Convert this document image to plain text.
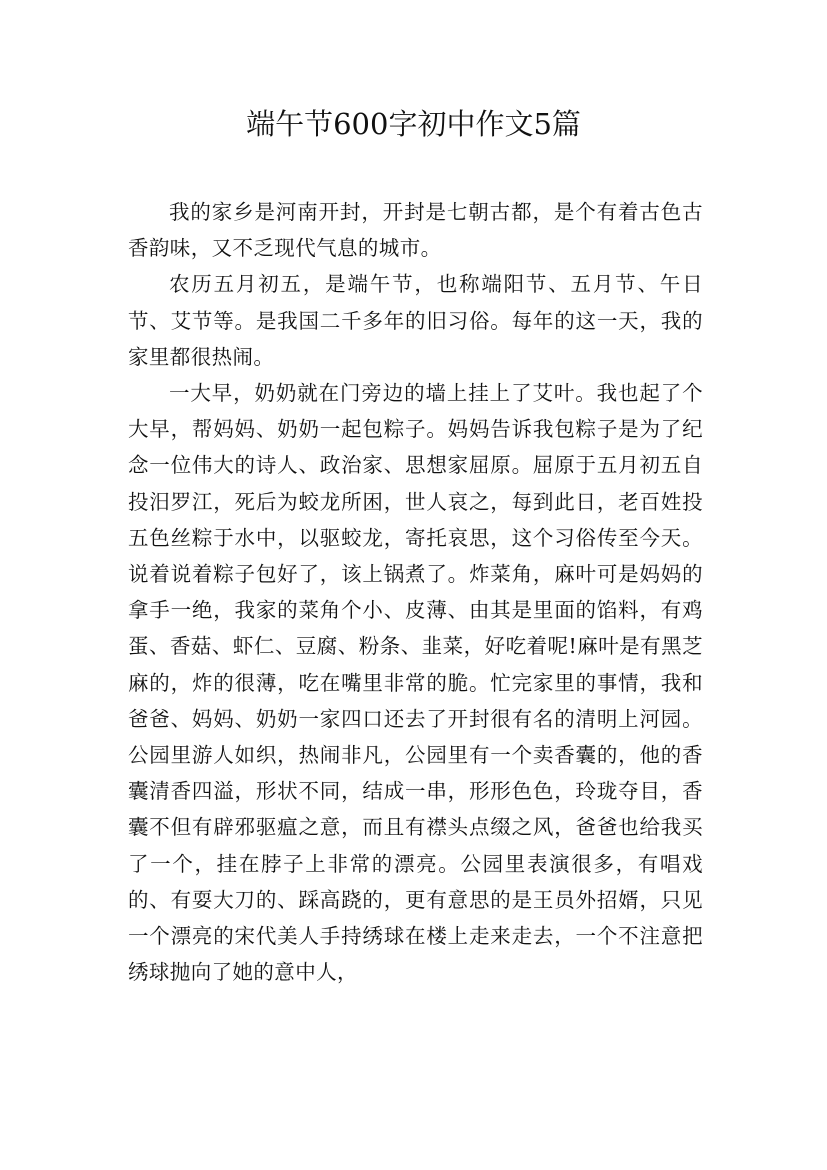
端午节600字初中作文5篇

我的家乡是河南开封，开封是七朝古都，是个有着古色古香韵味，又不乏现代气息的城市。

农历五月初五，是端午节，也称端阳节、五月节、午日节、艾节等。是我国二千多年的旧习俗。每年的这一天，我的家里都很热闹。

一大早，奶奶就在门旁边的墙上挂上了艾叶。我也起了个大早，帮妈妈、奶奶一起包粽子。妈妈告诉我包粽子是为了纪念一位伟大的诗人、政治家、思想家屈原。屈原于五月初五自投汨罗江，死后为蛟龙所困，世人哀之，每到此日，老百姓投五色丝粽于水中，以驱蛟龙，寄托哀思，这个习俗传至今天。说着说着粽子包好了，该上锅煮了。炸菜角，麻叶可是妈妈的拿手一绝，我家的菜角个小、皮薄、由其是里面的馅料，有鸡蛋、香菇、虾仁、豆腐、粉条、韭菜，好吃着呢!麻叶是有黑芝麻的，炸的很薄，吃在嘴里非常的脆。忙完家里的事情，我和爸爸、妈妈、奶奶一家四口还去了开封很有名的清明上河园。公园里游人如织，热闹非凡，公园里有一个卖香囊的，他的香囊清香四溢，形状不同，结成一串，形形色色，玲珑夺目，香囊不但有辟邪驱瘟之意，而且有襟头点缀之风，爸爸也给我买了一个，挂在脖子上非常的漂亮。公园里表演很多，有唱戏的、有耍大刀的、踩高跷的，更有意思的是王员外招婿，只见一个漂亮的宋代美人手持绣球在楼上走来走去，一个不注意把绣球抛向了她的意中人，
